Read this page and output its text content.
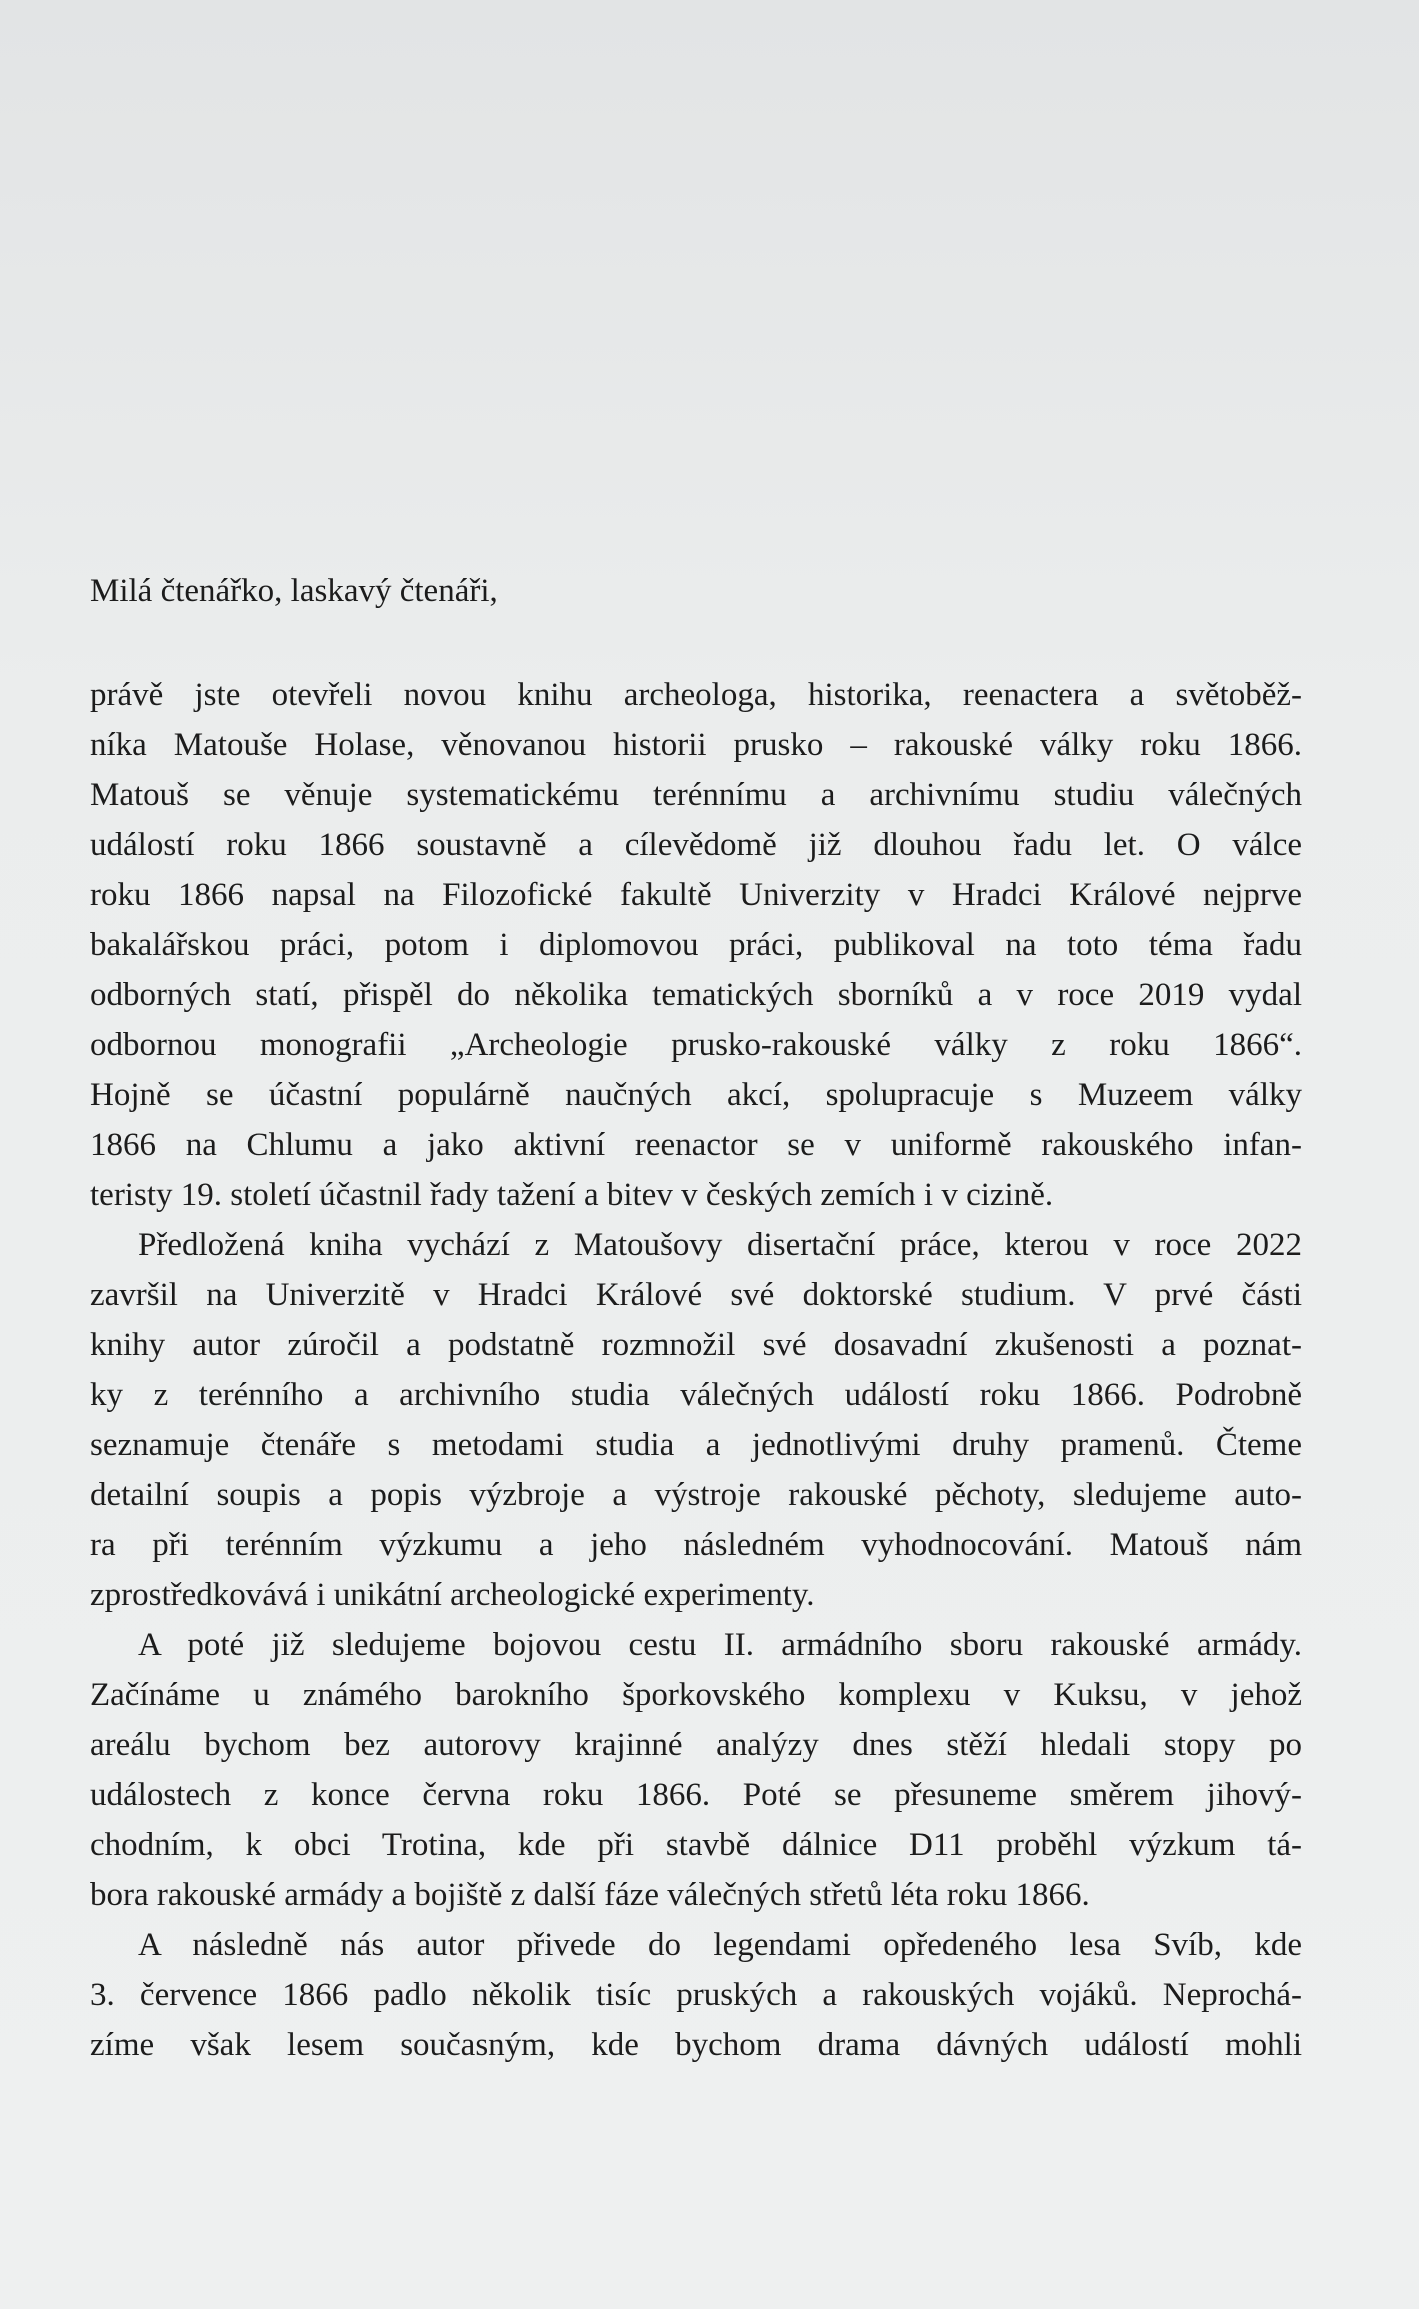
Milá čtenářko, laskavý čtenáři,
právě jste otevřeli novou knihu archeologa, historika, reenactera a světoběž-
níka Matouše Holase, věnovanou historii prusko – rakouské války roku 1866.
Matouš se věnuje systematickému terénnímu a archivnímu studiu válečných
událostí roku 1866 soustavně a cílevědomě již dlouhou řadu let. O válce
roku 1866 napsal na Filozofické fakultě Univerzity v Hradci Králové nejprve
bakalářskou práci, potom i diplomovou práci, publikoval na toto téma řadu
odborných statí, přispěl do několika tematických sborníků a v roce 2019 vydal
odbornou monografii „Archeologie prusko-rakouské války z roku 1866“.
Hojně se účastní populárně naučných akcí, spolupracuje s Muzeem války
1866 na Chlumu a jako aktivní reenactor se v uniformě rakouského infan-
teristy 19. století účastnil řady tažení a bitev v českých zemích i v cizině.
Předložená kniha vychází z Matoušovy disertační práce, kterou v roce 2022
završil na Univerzitě v Hradci Králové své doktorské studium. V prvé části
knihy autor zúročil a podstatně rozmnožil své dosavadní zkušenosti a poznat-
ky z terénního a archivního studia válečných událostí roku 1866. Podrobně
seznamuje čtenáře s metodami studia a jednotlivými druhy pramenů. Čteme
detailní soupis a popis výzbroje a výstroje rakouské pěchoty, sledujeme auto-
ra při terénním výzkumu a jeho následném vyhodnocování. Matouš nám
zprostředkovává i unikátní archeologické experimenty.
A poté již sledujeme bojovou cestu II. armádního sboru rakouské armády.
Začínáme u známého barokního šporkovského komplexu v Kuksu, v jehož
areálu bychom bez autorovy krajinné analýzy dnes stěží hledali stopy po
událostech z konce června roku 1866. Poté se přesuneme směrem jihový-
chodním, k obci Trotina, kde při stavbě dálnice D11 proběhl výzkum tá-
bora rakouské armády a bojiště z další fáze válečných střetů léta roku 1866.
A následně nás autor přivede do legendami opředeného lesa Svíb, kde
3. července 1866 padlo několik tisíc pruských a rakouských vojáků. Neprochá-
zíme však lesem současným, kde bychom drama dávných událostí mohli
